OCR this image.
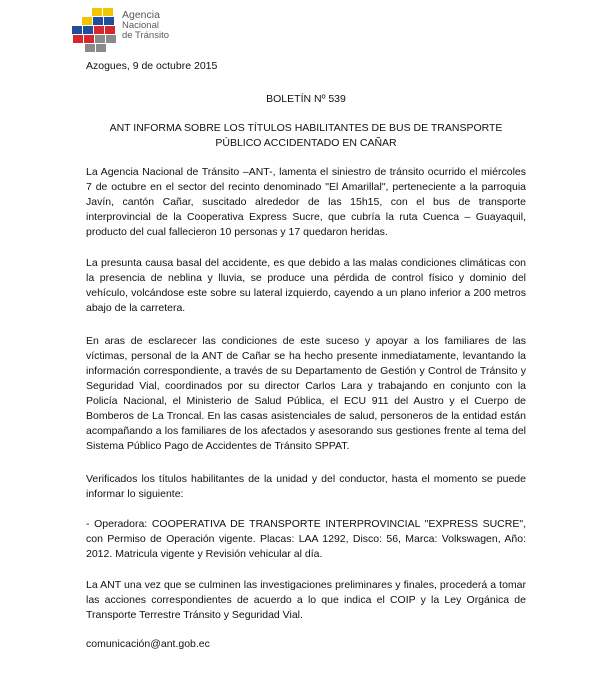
Agencia
Nacional
de Tránsito
Azogues, 9 de octubre 2015
BOLETÍN Nº 539
ANT INFORMA SOBRE LOS TÍTULOS HABILITANTES DE BUS DE TRANSPORTE PÚBLICO ACCIDENTADO EN CAÑAR

La Agencia Nacional de Tránsito –ANT-, lamenta el siniestro de tránsito ocurrido el miércoles 7 de octubre en el sector del recinto denominado "El Amarillal", perteneciente a la parroquia Javín, cantón Cañar, suscitado alrededor de las 15h15, con el bus de transporte interprovincial de la Cooperativa Express Sucre, que cubría la ruta Cuenca – Guayaquil, producto del cual fallecieron 10 personas y 17 quedaron heridas.

La presunta causa basal del accidente, es que debido a las malas condiciones climáticas con la presencia de neblina y lluvia, se produce una pérdida de control físico y dominio del vehículo, volcándose este sobre su lateral izquierdo, cayendo a un plano inferior a 200 metros abajo de la carretera.

En aras de esclarecer las condiciones de este suceso y apoyar a los familiares de las víctimas, personal de la ANT de Cañar se ha hecho presente inmediatamente, levantando la información correspondiente, a través de su Departamento de Gestión y Control de Tránsito y Seguridad Vial, coordinados por su director Carlos Lara y trabajando en conjunto con la Policía Nacional, el Ministerio de Salud Pública, el ECU 911 del Austro y el Cuerpo de Bomberos de La Troncal. En las casas asistenciales de salud, personeros de la entidad están acompañando a los familiares de los afectados y asesorando sus gestiones frente al tema del Sistema Público Pago de Accidentes de Tránsito SPPAT.

Verificados los títulos habilitantes de la unidad y del conductor, hasta el momento se puede informar lo siguiente:

- Operadora: COOPERATIVA DE TRANSPORTE INTERPROVINCIAL "EXPRESS SUCRE", con Permiso de Operación vigente. Placas: LAA 1292, Disco: 56, Marca: Volkswagen, Año: 2012. Matricula vigente y Revisión vehicular al día.

La ANT una vez que se culminen las investigaciones preliminares y finales, procederá a tomar las acciones correspondientes de acuerdo a lo que indica el COIP y la Ley Orgánica de Transporte Terrestre Tránsito y Seguridad Vial.

comunicación@ant.gob.ec
